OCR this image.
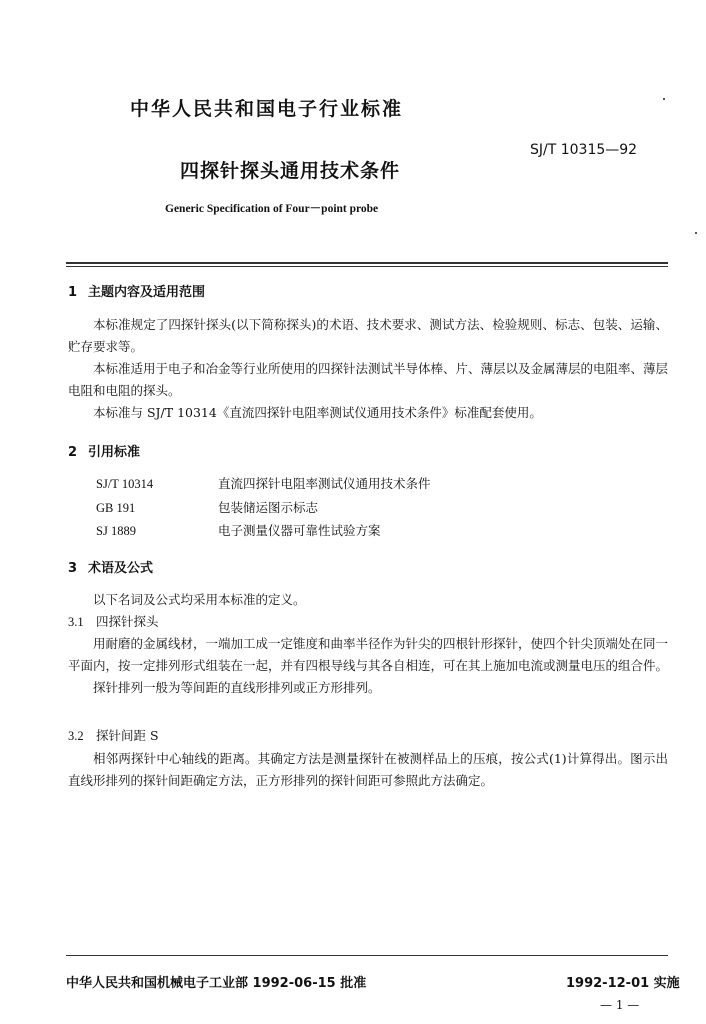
中华人民共和国电子行业标准
SJ/T 10315—92
四探针探头通用技术条件
Generic Specification of Four－point probe
1 主题内容及适用范围

本标准规定了四探针探头(以下简称探头)的术语、技术要求、测试方法、检验规则、标志、包装、运输、贮存要求等。

本标准适用于电子和冶金等行业所使用的四探针法测试半导体棒、片、薄层以及金属薄层的电阻率、薄层电阻和电阻的探头。

本标准与 SJ/T 10314《直流四探针电阻率测试仪通用技术条件》标准配套使用。

2 引用标准
SJ/T 10314	直流四探针电阻率测试仪通用技术条件
GB 191	包装储运图示标志
SJ 1889	电子测量仪器可靠性试验方案
3 术语及公式

以下名词及公式均采用本标准的定义。

3.1 四探针探头

用耐磨的金属线材，一端加工成一定锥度和曲率半径作为针尖的四根针形探针，使四个针尖顶端处在同一平面内，按一定排列形式组装在一起，并有四根导线与其各自相连，可在其上施加电流或测量电压的组合件。

探针排列一般为等间距的直线形排列或正方形排列。

3.2 探针间距 S

相邻两探针中心轴线的距离。其确定方法是测量探针在被测样品上的压痕，按公式(1)计算得出。图示出直线形排列的探针间距确定方法，正方形排列的探针间距可参照此方法确定。

中华人民共和国机械电子工业部 1992-06-15 批准	1992-12-01 实施
— 1 —
